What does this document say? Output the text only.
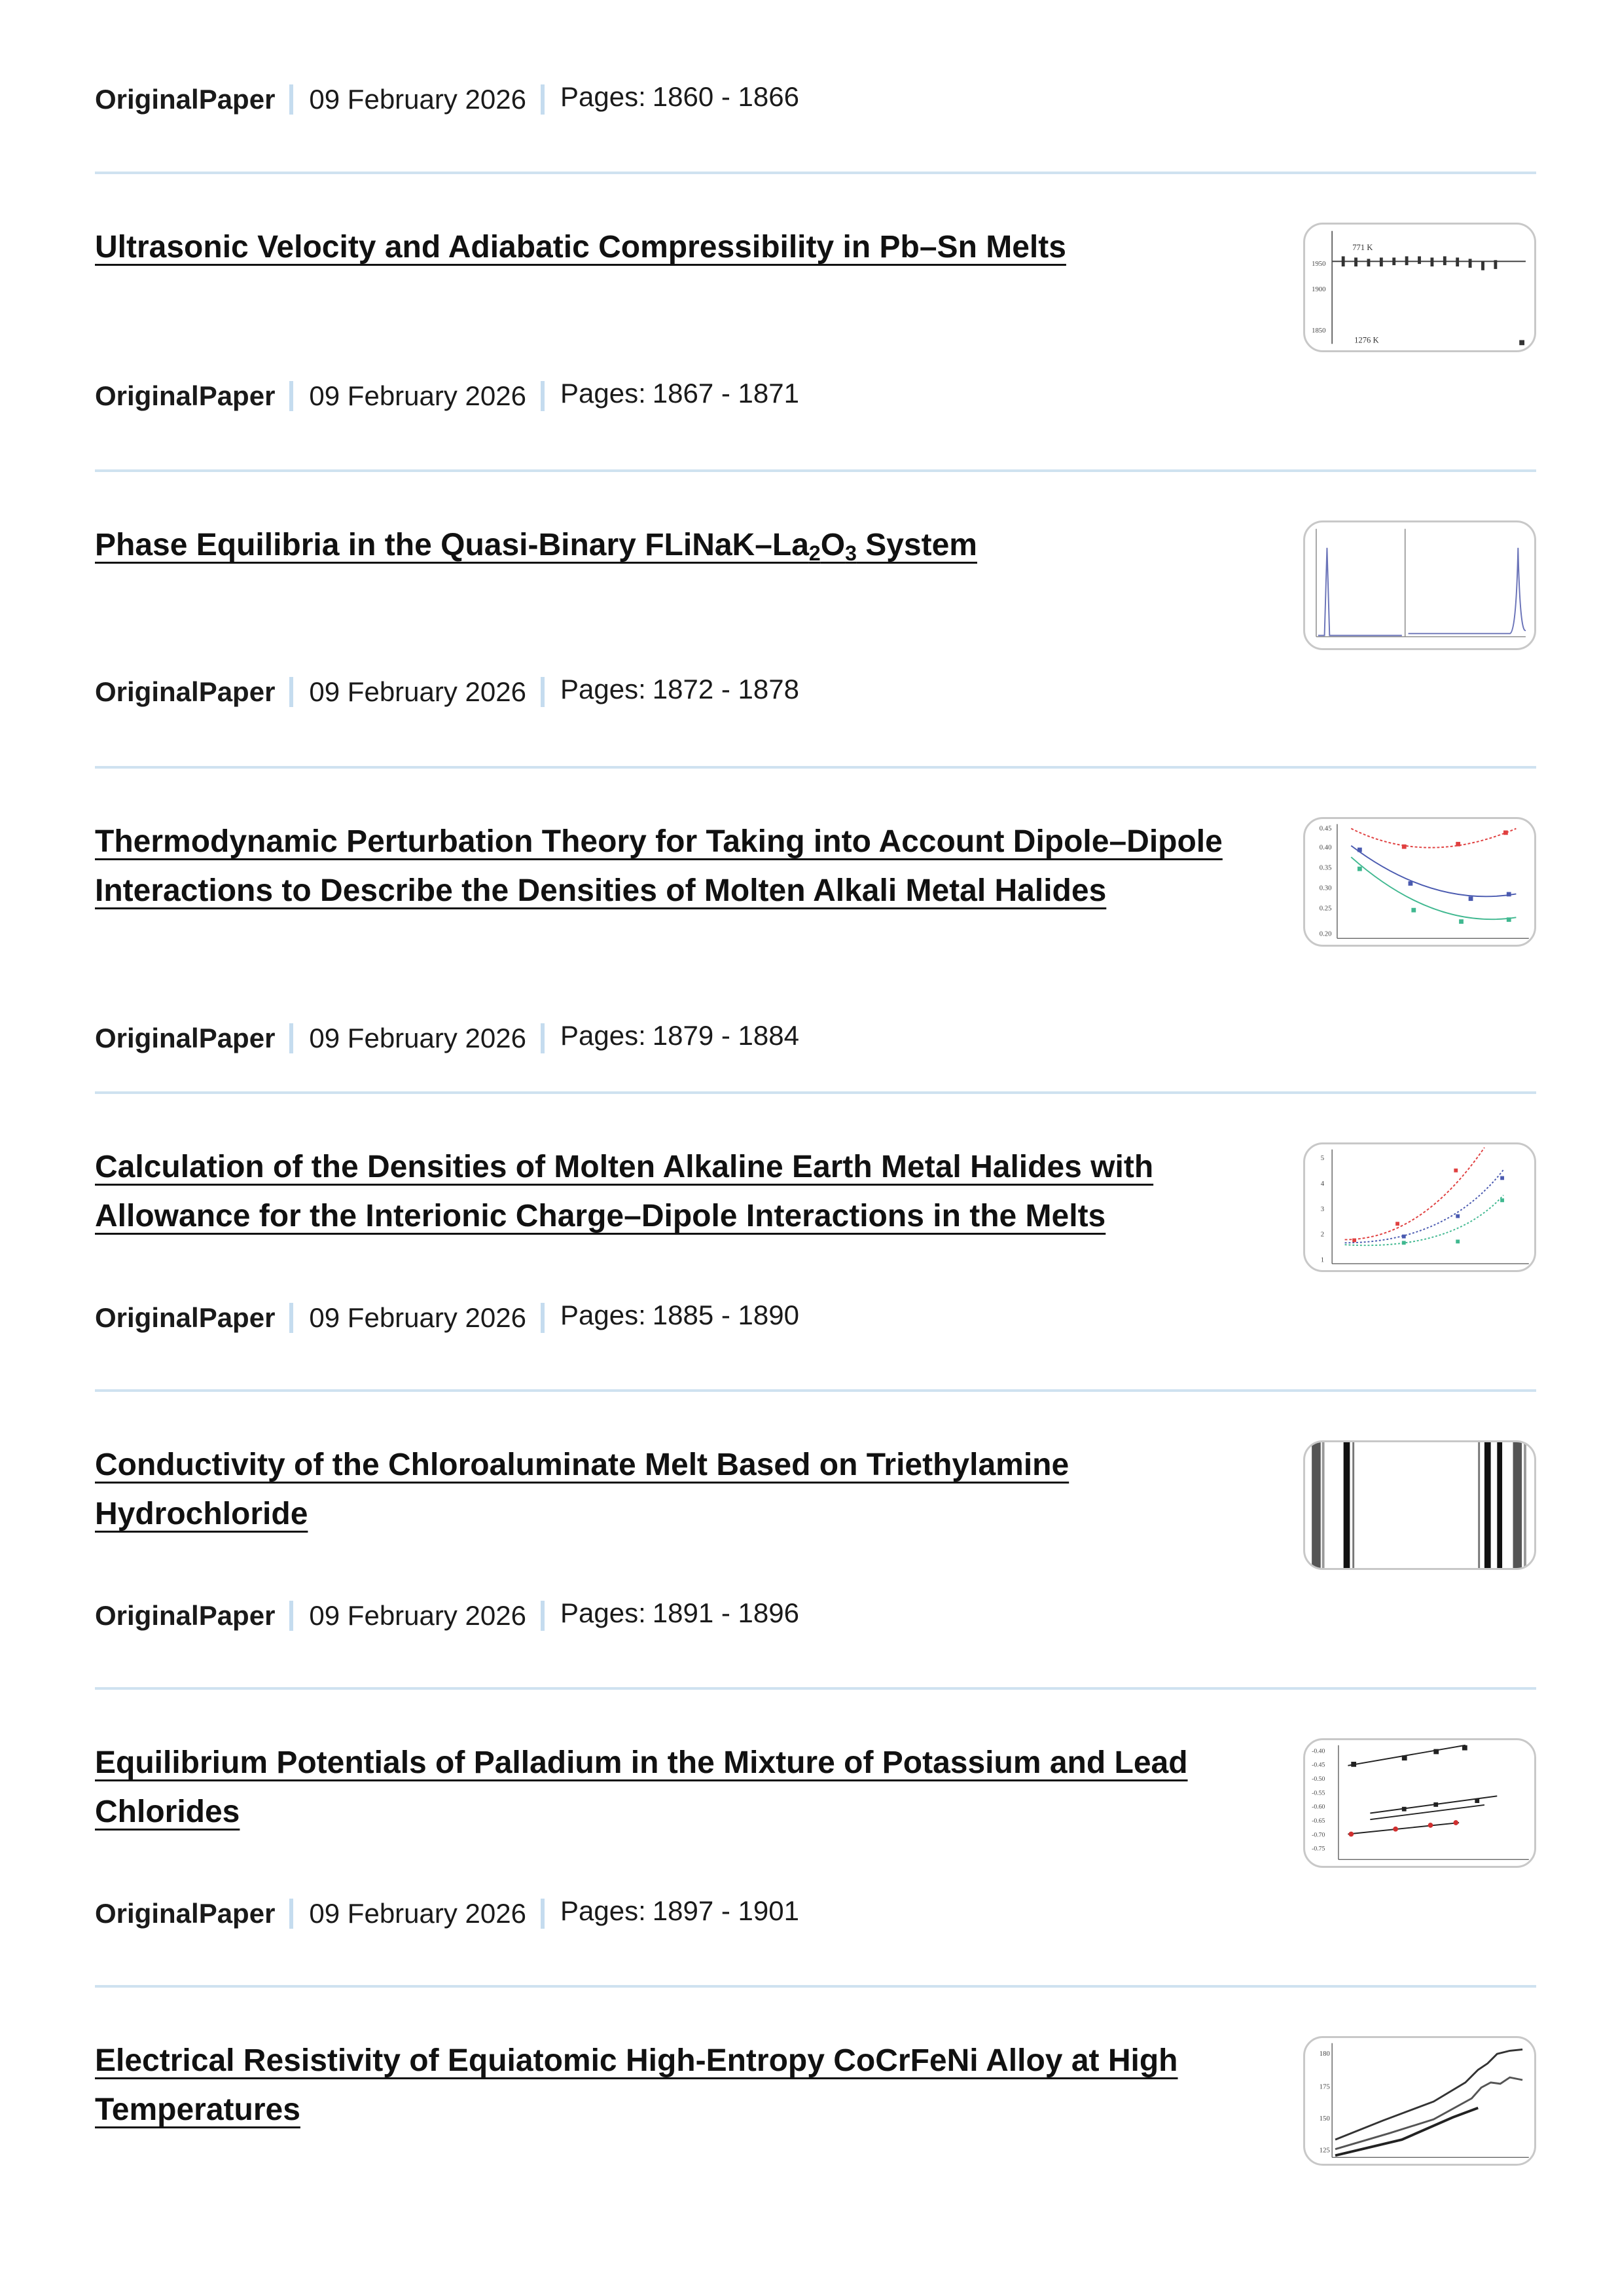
OriginalPaper 09 February 2026 Pages: 1860 - 1866
Ultrasonic Velocity and Adiabatic Compressibility in Pb–Sn Melts	771 K
1276 K
1950
1900
1850
OriginalPaper 09 February 2026 Pages: 1867 - 1871
Phase Equilibria in the Quasi-Binary FLiNaK–$La_2O_3$ System
OriginalPaper 09 February 2026 Pages: 1872 - 1878
Thermodynamic Perturbation Theory for Taking into Account Dipole–Dipole Interactions to Describe the Densities of Molten Alkali Metal Halides
0.45
0.40
0.35
0.30
0.25
0.20
OriginalPaper 09 February 2026 Pages: 1879 - 1884
Calculation of the Densities of Molten Alkaline Earth Metal Halides with Allowance for the Interionic Charge–Dipole Interactions in the Melts
5
4
3
2
1
OriginalPaper 09 February 2026 Pages: 1885 - 1890
Conductivity of the Chloroaluminate Melt Based on Triethylamine Hydrochloride
OriginalPaper 09 February 2026 Pages: 1891 - 1896
Equilibrium Potentials of Palladium in the Mixture of Potassium and Lead Chlorides
-0.40
-0.45
-0.50
-0.55
-0.60
-0.65
-0.70
-0.75
OriginalPaper 09 February 2026 Pages: 1897 - 1901
Electrical Resistivity of Equiatomic High-Entropy CoCrFeNi Alloy at High Temperatures
180
175
150
125
